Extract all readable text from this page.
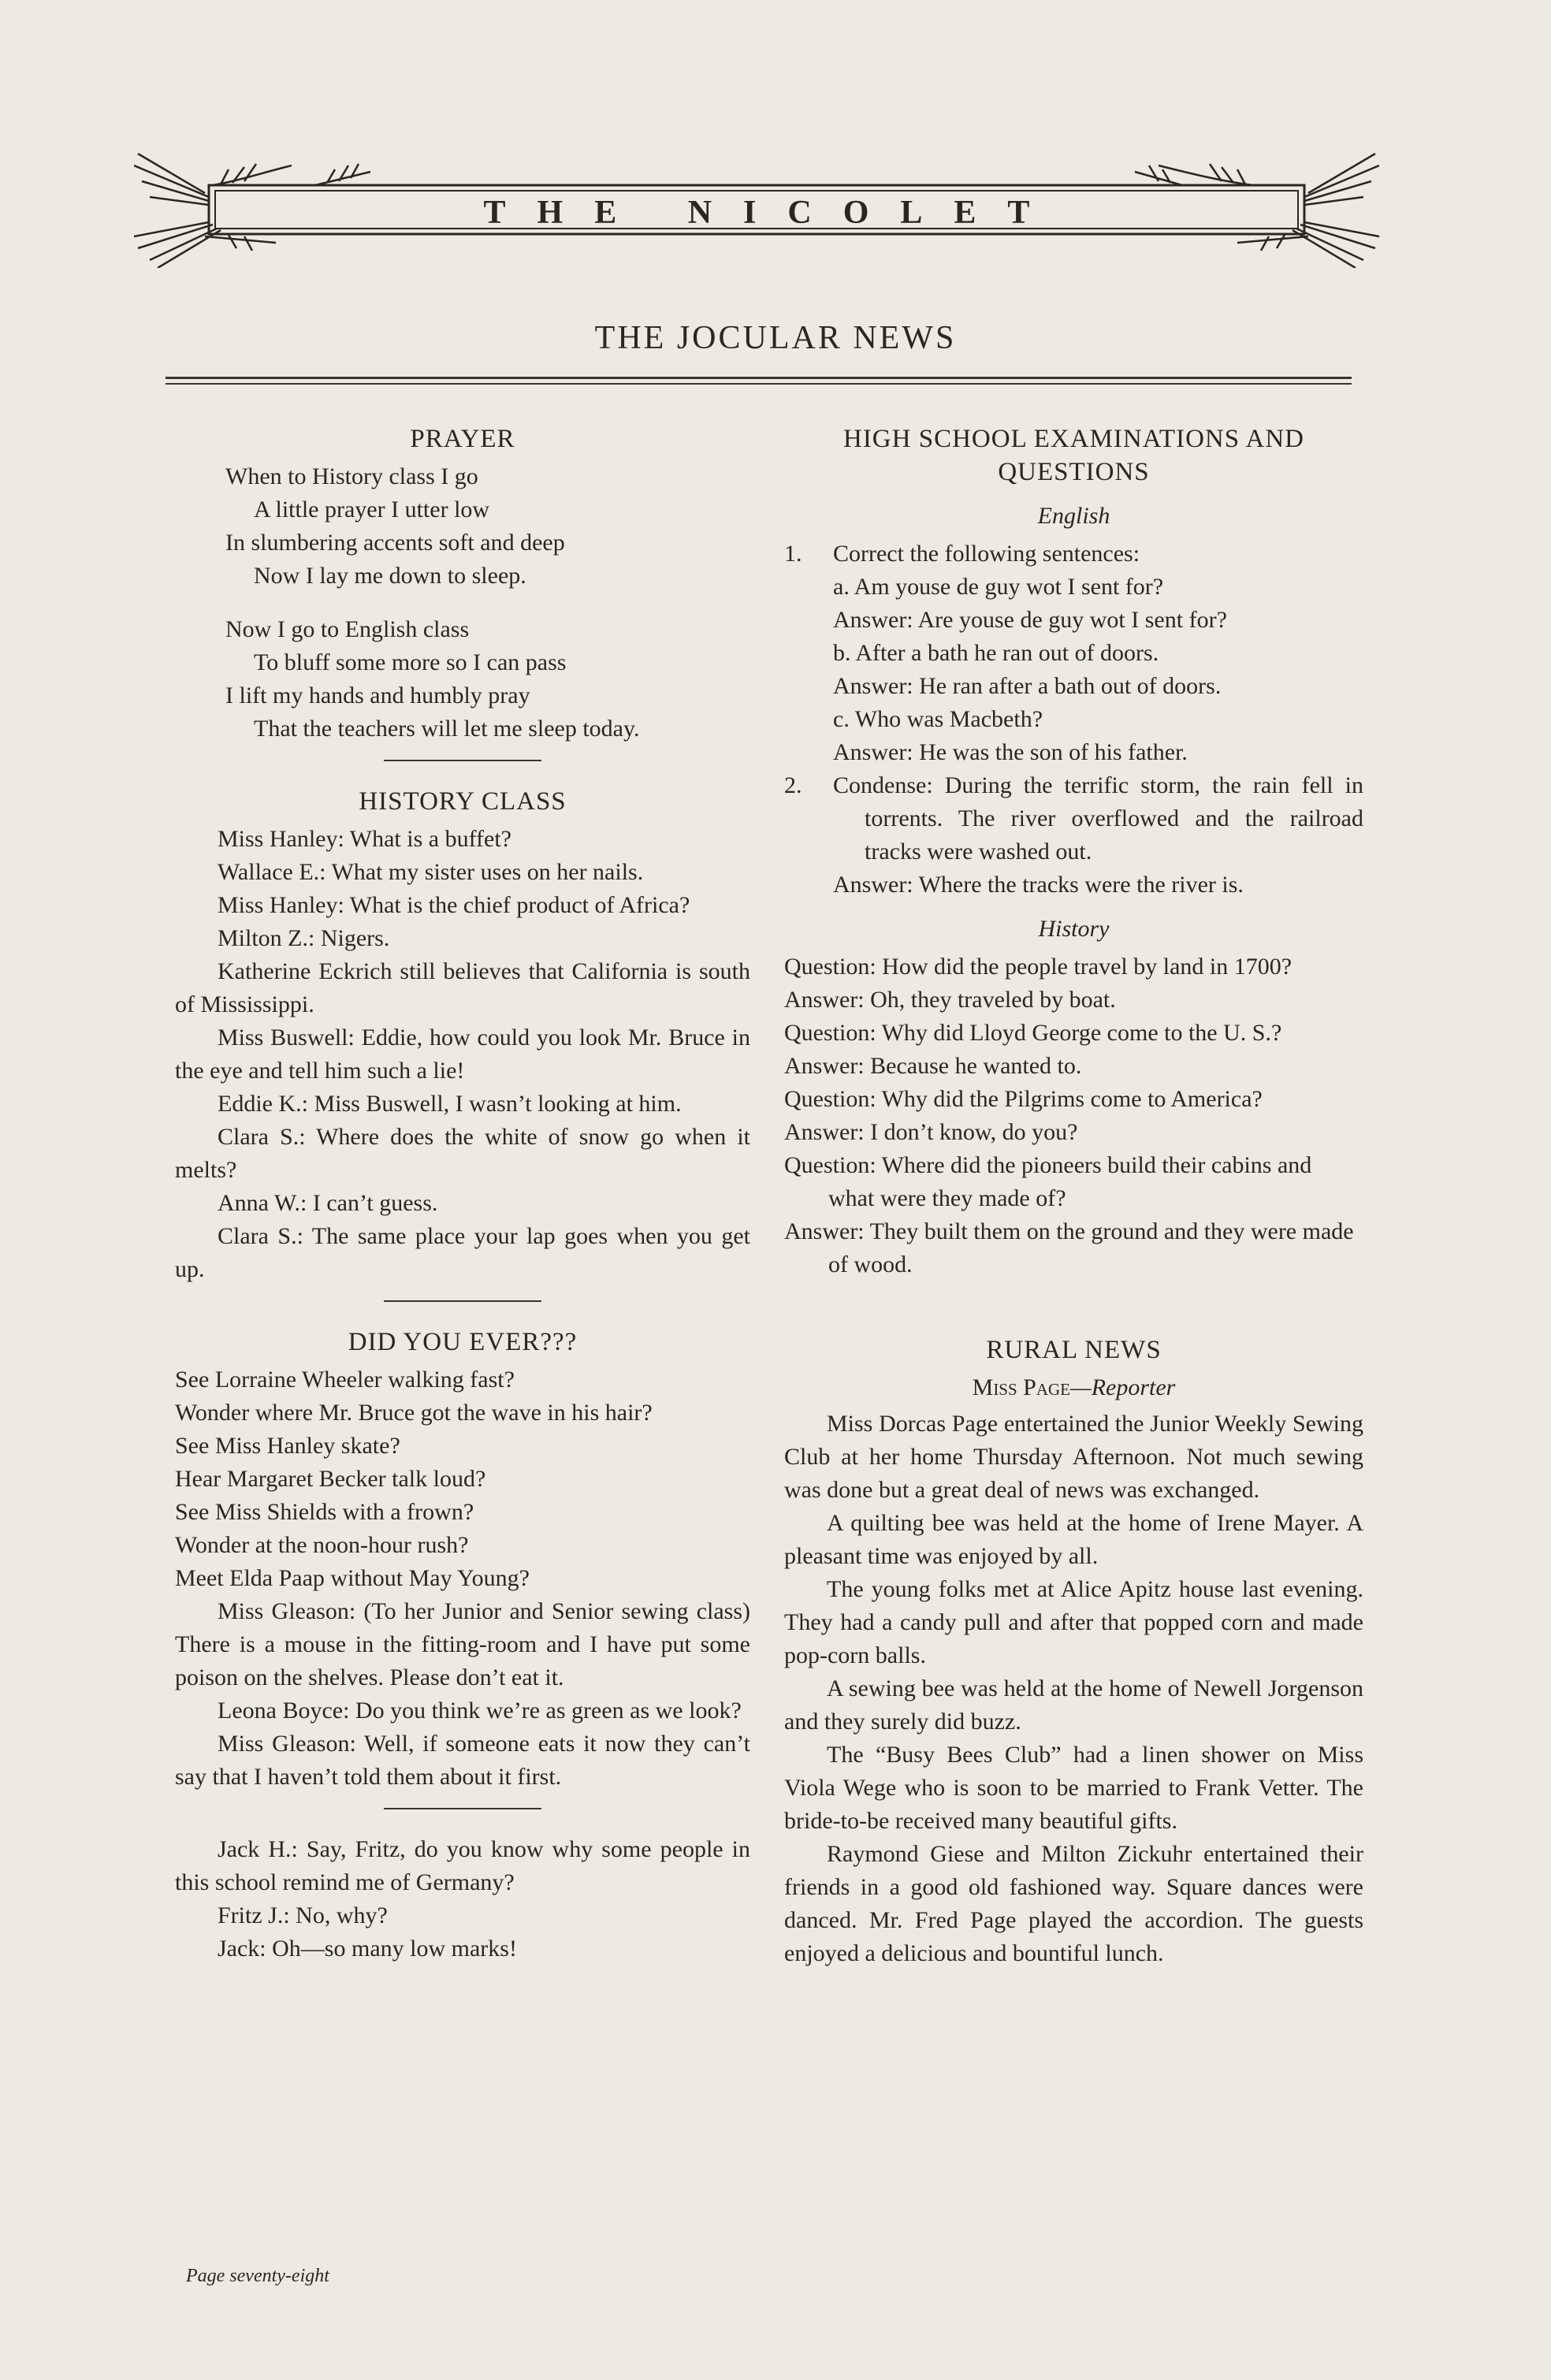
THE NICOLET
THE JOCULAR NEWS
PRAYER

When to History class I go

A little prayer I utter low

In slumbering accents soft and deep

Now I lay me down to sleep.

Now I go to English class

To bluff some more so I can pass

I lift my hands and humbly pray

That the teachers will let me sleep today.

HISTORY CLASS

Miss Hanley: What is a buffet?

Wallace E.: What my sister uses on her nails.

Miss Hanley: What is the chief product of Africa?

Milton Z.: Nigers.

Katherine Eckrich still believes that California is south of Mississippi.

Miss Buswell: Eddie, how could you look Mr. Bruce in the eye and tell him such a lie!

Eddie K.: Miss Buswell, I wasn’t looking at him.

Clara S.: Where does the white of snow go when it melts?

Anna W.: I can’t guess.

Clara S.: The same place your lap goes when you get up.

DID YOU EVER???

See Lorraine Wheeler walking fast?

Wonder where Mr. Bruce got the wave in his hair?

See Miss Hanley skate?

Hear Margaret Becker talk loud?

See Miss Shields with a frown?

Wonder at the noon-hour rush?

Meet Elda Paap without May Young?

Miss Gleason: (To her Junior and Senior sewing class) There is a mouse in the fitting-room and I have put some poison on the shelves. Please don’t eat it.

Leona Boyce: Do you think we’re as green as we look?

Miss Gleason: Well, if someone eats it now they can’t say that I haven’t told them about it first.

Jack H.: Say, Fritz, do you know why some people in this school remind me of Germany?

Fritz J.: No, why?

Jack: Oh—so many low marks!

HIGH SCHOOL EXAMINATIONS AND QUESTIONS
English
1. Correct the following sentences:

a. Am youse de guy wot I sent for?

Answer: Are youse de guy wot I sent for?

b. After a bath he ran out of doors.

Answer: He ran after a bath out of doors.

c. Who was Macbeth?

Answer: He was the son of his father.

2. Condense: During the terrific storm, the rain fell in torrents. The river overflowed and the railroad tracks were washed out.

Answer: Where the tracks were the river is.

History

Question: How did the people travel by land in 1700?

Answer: Oh, they traveled by boat.

Question: Why did Lloyd George come to the U. S.?

Answer: Because he wanted to.

Question: Why did the Pilgrims come to America?

Answer: I don’t know, do you?

Question: Where did the pioneers build their cabins and what were they made of?

Answer: They built them on the ground and they were made of wood.

RURAL NEWS
Miss Page—Reporter

Miss Dorcas Page entertained the Junior Weekly Sewing Club at her home Thursday Afternoon. Not much sewing was done but a great deal of news was exchanged.

A quilting bee was held at the home of Irene Mayer. A pleasant time was enjoyed by all.

The young folks met at Alice Apitz house last evening. They had a candy pull and after that popped corn and made pop-corn balls.

A sewing bee was held at the home of Newell Jorgenson and they surely did buzz.

The “Busy Bees Club” had a linen shower on Miss Viola Wege who is soon to be married to Frank Vetter. The bride-to-be received many beautiful gifts.

Raymond Giese and Milton Zickuhr entertained their friends in a good old fashioned way. Square dances were danced. Mr. Fred Page played the accordion. The guests enjoyed a delicious and bountiful lunch.

Page seventy-eight
